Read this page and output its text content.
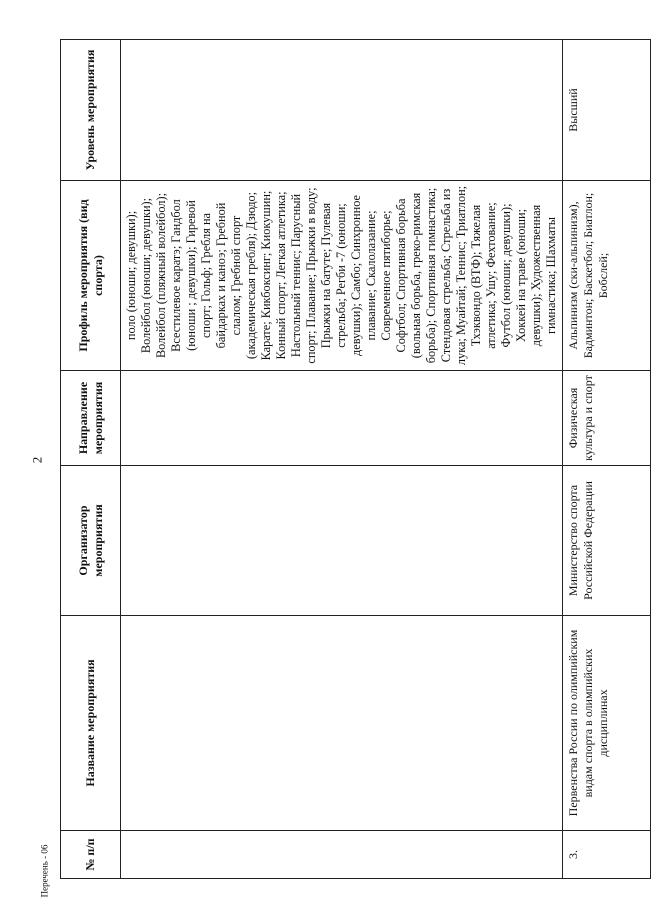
2
№ п/п	Название мероприятия	Организатор мероприятия	Направление мероприятия	Профиль мероприятия (вид спорта)	Уровень мероприятия
				поло (юноши; девушки); Волейбол (юноши; девушки); Волейбол (пляжный волейбол); Всестилевое каратэ; Гандбол (юноши ; девушки); Гиревой спорт; Гольф; Гребля на байдарках и каноэ; Гребной слалом; Гребной спорт (академическая гребля); Дзюдо; Карате; Кикбоксинг; Киокушин; Конный спорт; Легкая атлетика; Настольный теннис; Парусный спорт; Плавание; Прыжки в воду; Прыжки на батуте; Пулевая стрельба; Регби -7 (юноши; девушки); Самбо; Синхронное плавание; Скалолазание; Современное пятиборье; Софтбол; Спортивная борьба (вольная борьба, греко-римская борьба); Спортивная гимнастика; Стендовая стрельба; Стрельба из лука; Муайтай; Теннис; Триатлон; Тхэквондо (ВТФ); Тяжелая атлетика; Ушу; Фехтование; Футбол (юноши; девушки); Хоккей на траве (юноши; девушки); Художественная гимнастика; Шахматы	
3.	Первенства России по олимпийским видам спорта в олимпийских дисциплинах	Министерство спорта Российской Федерации	Физическая культура и спорт	Альпинизм (ски-альпинизм), Бадминтон; Баскетбол; Биатлон; Бобслей;	Высший
Перечень - 06
